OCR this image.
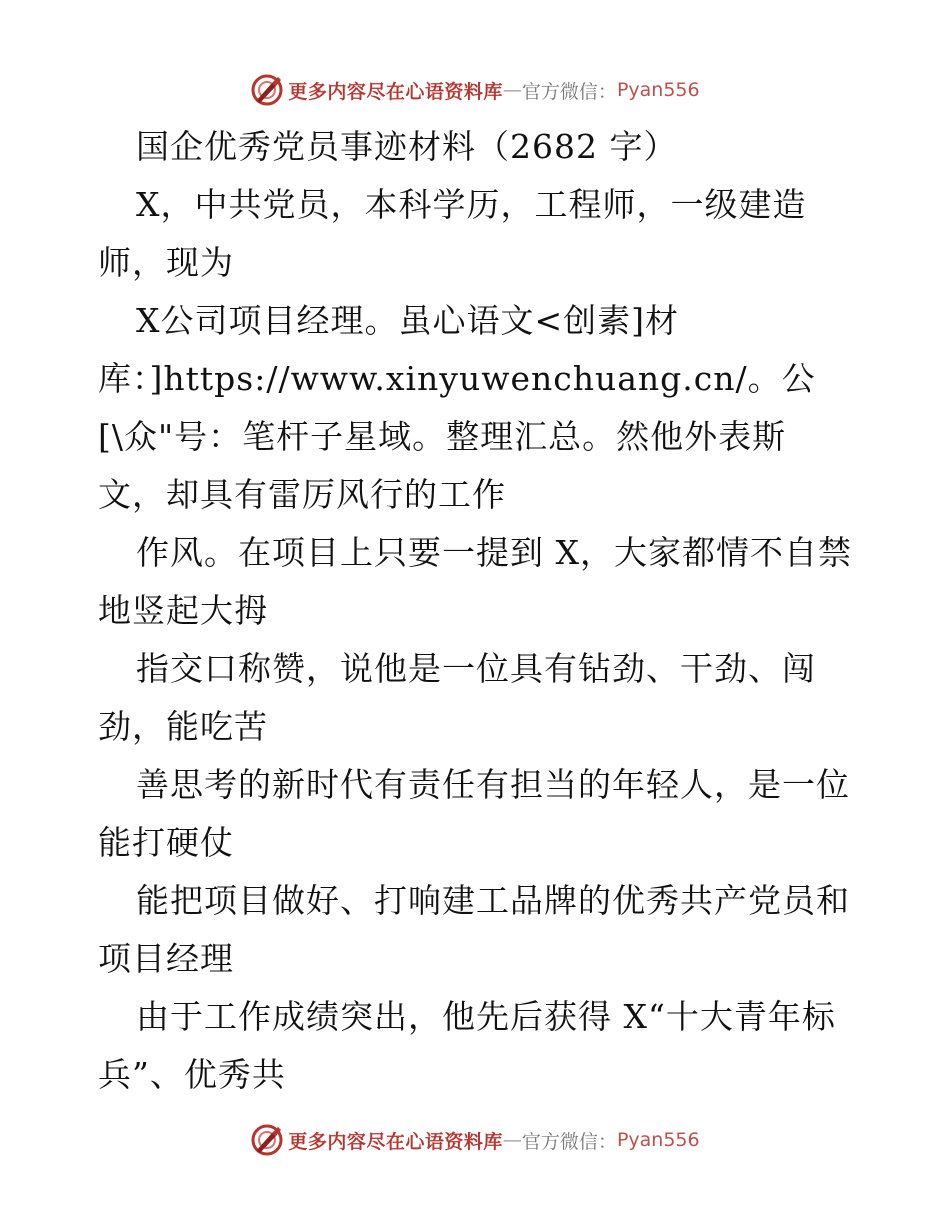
更多内容尽在心语资料库 — 官方微信： Pyan556
国企优秀党员事迹材料（2682 字）
X，中共党员，本科学历，工程师，一级建造
师，现为
X公司项目经理。虽心语文<创素]材
库：]https://www.xinyuwenchuang.cn/。公
[\众"号：笔杆子星域。整理汇总。然他外表斯
文，却具有雷厉风行的工作
作风。在项目上只要一提到 X，大家都情不自禁
地竖起大拇
指交口称赞，说他是一位具有钻劲、干劲、闯
劲，能吃苦
善思考的新时代有责任有担当的年轻人，是一位
能打硬仗
能把项目做好、打响建工品牌的优秀共产党员和
项目经理
由于工作成绩突出，他先后获得 X“十大青年标
兵”、优秀共
更多内容尽在心语资料库 — 官方微信： Pyan556
